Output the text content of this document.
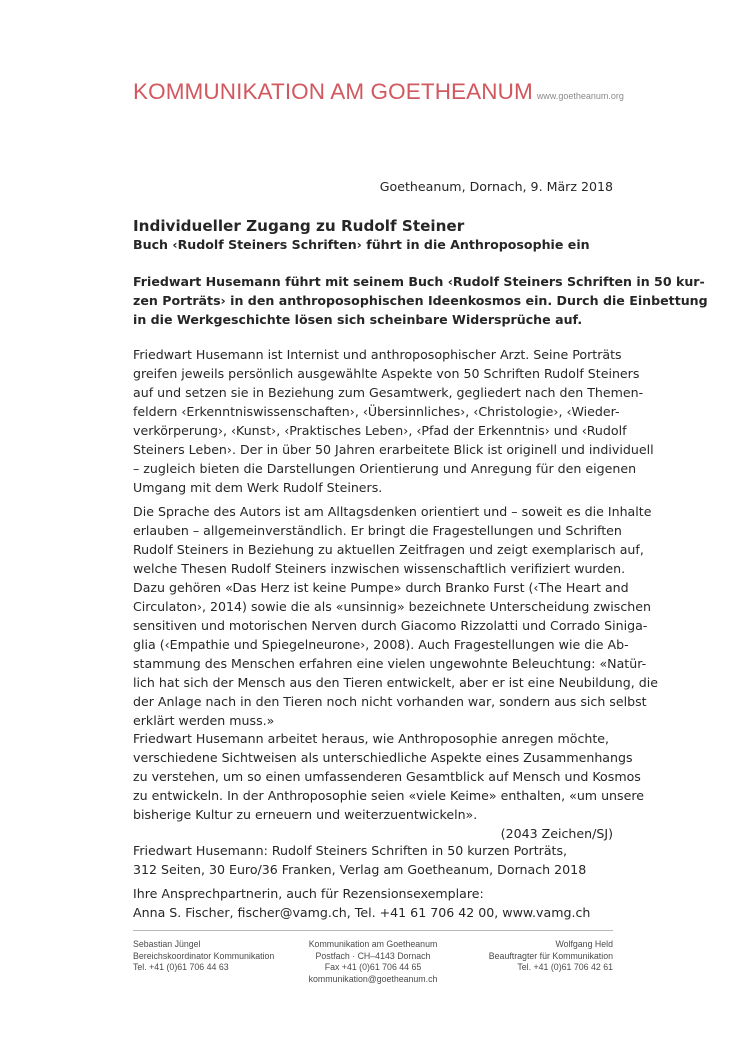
KOMMUNIKATION AM GOETHEANUM www.goetheanum.org
Goetheanum, Dornach, 9. März 2018
Individueller Zugang zu Rudolf Steiner
Buch ‹Rudolf Steiners Schriften› führt in die Anthroposophie ein
Friedwart Husemann führt mit seinem Buch ‹Rudolf Steiners Schriften in 50 kur-
zen Porträts› in den anthroposophischen Ideenkosmos ein. Durch die Einbettung
in die Werkgeschichte lösen sich scheinbare Widersprüche auf.
Friedwart Husemann ist Internist und anthroposophischer Arzt. Seine Porträts
greifen jeweils persönlich ausgewählte Aspekte von 50 Schriften Rudolf Steiners
auf und setzen sie in Beziehung zum Gesamtwerk, gegliedert nach den Themen-
feldern ‹Erkenntniswissenschaften›, ‹Übersinnliches›, ‹Christologie›, ‹Wieder-
verkörperung›, ‹Kunst›, ‹Praktisches Leben›, ‹Pfad der Erkenntnis› und ‹Rudolf
Steiners Leben›. Der in über 50 Jahren erarbeitete Blick ist originell und individuell
– zugleich bieten die Darstellungen Orientierung und Anregung für den eigenen
Umgang mit dem Werk Rudolf Steiners.
Die Sprache des Autors ist am Alltagsdenken orientiert und – soweit es die Inhalte
erlauben – allgemeinverständlich. Er bringt die Fragestellungen und Schriften
Rudolf Steiners in Beziehung zu aktuellen Zeitfragen und zeigt exemplarisch auf,
welche Thesen Rudolf Steiners inzwischen wissenschaftlich verifiziert wurden.
Dazu gehören «Das Herz ist keine Pumpe» durch Branko Furst (‹The Heart and
Circulaton›, 2014) sowie die als «unsinnig» bezeichnete Unterscheidung zwischen
sensitiven und motorischen Nerven durch Giacomo Rizzolatti und Corrado Siniga-
glia (‹Empathie und Spiegelneurone›, 2008). Auch Fragestellungen wie die Ab-
stammung des Menschen erfahren eine vielen ungewohnte Beleuchtung: «Natür-
lich hat sich der Mensch aus den Tieren entwickelt, aber er ist eine Neubildung, die
der Anlage nach in den Tieren noch nicht vorhanden war, sondern aus sich selbst
erklärt werden muss.»
Friedwart Husemann arbeitet heraus, wie Anthroposophie anregen möchte,
verschiedene Sichtweisen als unterschiedliche Aspekte eines Zusammenhangs
zu verstehen, um so einen umfassenderen Gesamtblick auf Mensch und Kosmos
zu entwickeln. In der Anthroposophie seien «viele Keime» enthalten, «um unsere
bisherige Kultur zu erneuern und weiterzuentwickeln».
(2043 Zeichen/SJ)
Friedwart Husemann: Rudolf Steiners Schriften in 50 kurzen Porträts,
312 Seiten, 30 Euro/36 Franken, Verlag am Goetheanum, Dornach 2018
Ihre Ansprechpartnerin, auch für Rezensionsexemplare:
Anna S. Fischer, fischer@vamg.ch, Tel. +41 61 706 42 00, www.vamg.ch
Sebastian Jüngel
Bereichskoordinator Kommunikation
Tel. +41 (0)61 706 44 63
Kommunikation am Goetheanum
Postfach · CH–4143 Dornach
Fax +41 (0)61 706 44 65
kommunikation@goetheanum.ch
Wolfgang Held
Beauftragter für Kommunikation
Tel. +41 (0)61 706 42 61
